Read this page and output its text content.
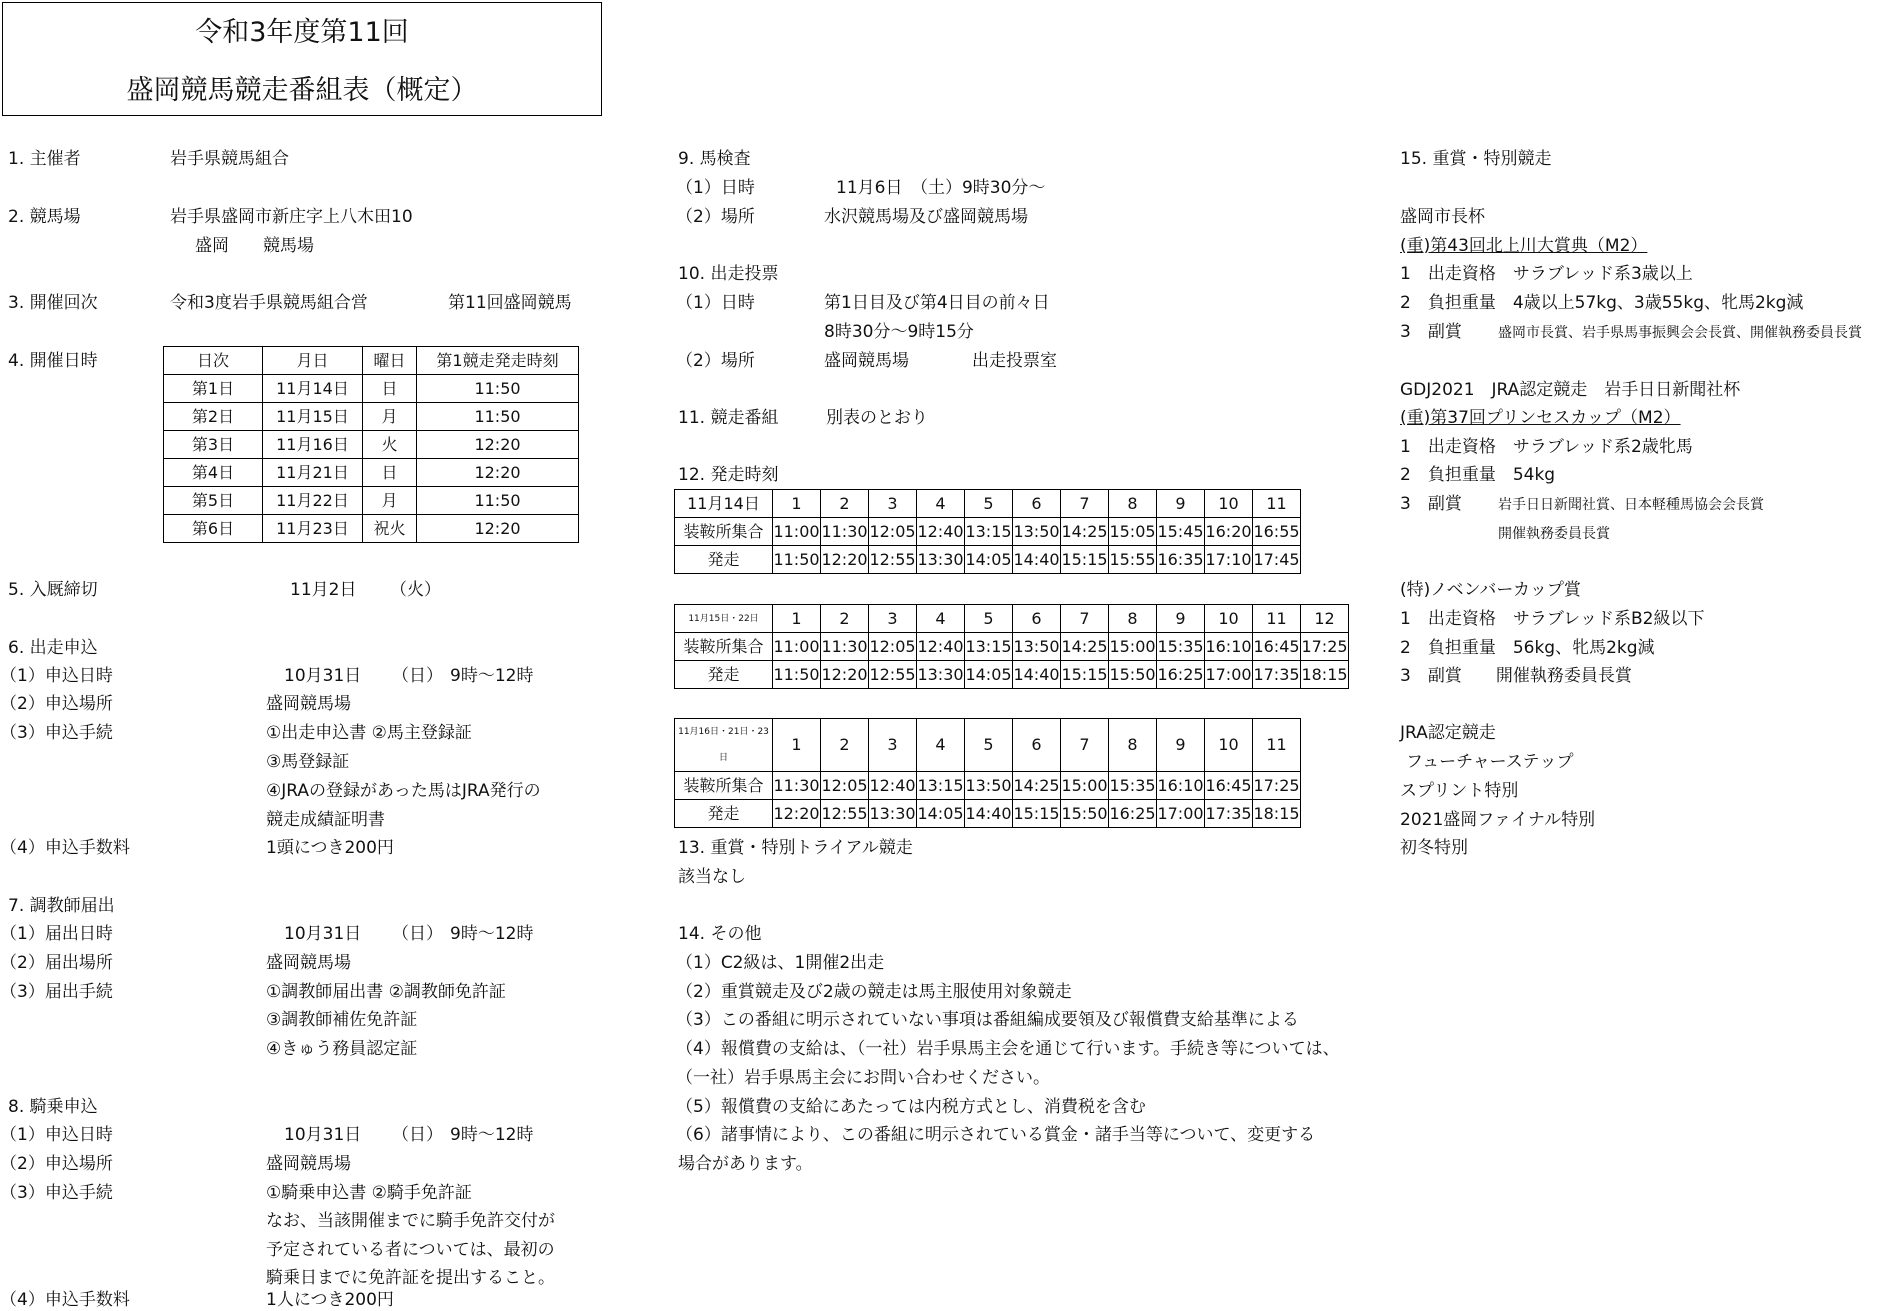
令和3年度第11回
盛岡競馬競走番組表（概定）
1. 主催者	岩手県競馬組合
2. 競馬場	岩手県盛岡市新庄字上八木田10
盛岡　　競馬場
3. 開催回次	令和3度岩手県競馬組合営	第11回盛岡競馬
4. 開催日時	日次	月日	曜日	第1競走発走時刻
第1日	11月14日	日	11:50
第2日	11月15日	月	11:50
第3日	11月16日	火	12:20
第4日	11月21日	日	12:20
第5日	11月22日	月	11:50
第6日	11月23日	祝火	12:20
5. 入厩締切	11月2日 （火）
6. 出走申込
（1）申込日時	10月31日 （日） 9時～12時
（2）申込場所	盛岡競馬場
（3）申込手続	①出走申込書 ②馬主登録証
③馬登録証
④JRAの登録があった馬はJRA発行の
競走成績証明書
（4）申込手数料	1頭につき200円
7. 調教師届出
（1）届出日時	10月31日 （日） 9時～12時
（2）届出場所	盛岡競馬場
（3）届出手続	①調教師届出書 ②調教師免許証
③調教師補佐免許証
④きゅう務員認定証
8. 騎乗申込
（1）申込日時	10月31日 （日） 9時～12時
（2）申込場所	盛岡競馬場
（3）申込手続	①騎乗申込書 ②騎手免許証
なお、当該開催までに騎手免許交付が
予定されている者については、最初の
騎乗日までに免許証を提出すること。
（4）申込手数料	1人につき200円
9. 馬検査
（1）日時	11月6日　（土）9時30分～
（2）場所	水沢競馬場及び盛岡競馬場
10. 出走投票
（1）日時	第1日目及び第4日目の前々日
8時30分～9時15分
（2）場所	盛岡競馬場	出走投票室
11. 競走番組	別表のとおり
12. 発走時刻
11月14日	1	2	3	4	5	6	7	8	9	10	11
装鞍所集合	11:00	11:30	12:05	12:40	13:15	13:50	14:25	15:05	15:45	16:20	16:55
発走	11:50	12:20	12:55	13:30	14:05	14:40	15:15	15:55	16:35	17:10	17:45
11月15日・22日	1	2	3	4	5	6	7	8	9	10	11	12
装鞍所集合	11:00	11:30	12:05	12:40	13:15	13:50	14:25	15:00	15:35	16:10	16:45	17:25
発走	11:50	12:20	12:55	13:30	14:05	14:40	15:15	15:50	16:25	17:00	17:35	18:15
11月16日・21日・23日	1	2	3	4	5	6	7	8	9	10	11
装鞍所集合	11:30	12:05	12:40	13:15	13:50	14:25	15:00	15:35	16:10	16:45	17:25
発走	12:20	12:55	13:30	14:05	14:40	15:15	15:50	16:25	17:00	17:35	18:15
13. 重賞・特別トライアル競走
該当なし
14. その他
（1）C2級は、1開催2出走
（2）重賞競走及び2歳の競走は馬主服使用対象競走
（3）この番組に明示されていない事項は番組編成要領及び報償費支給基準による
（4）報償費の支給は、（一社）岩手県馬主会を通じて行います。手続き等については、
（一社）岩手県馬主会にお問い合わせください。
（5）報償費の支給にあたっては内税方式とし、消費税を含む
（6）諸事情により、この番組に明示されている賞金・諸手当等について、変更する
場合があります。
15. 重賞・特別競走
盛岡市長杯
(重)第43回北上川大賞典（M2）
1　出走資格　サラブレッド系3歳以上
2　負担重量　4歳以上57kg、3歳55kg、牝馬2kg減
3　副賞	盛岡市長賞、岩手県馬事振興会会長賞、開催執務委員長賞
GDJ2021　JRA認定競走　岩手日日新聞社杯
(重)第37回プリンセスカップ（M2）
1　出走資格　サラブレッド系2歳牝馬
2　負担重量　54kg
3　副賞	岩手日日新聞社賞、日本軽種馬協会会長賞
開催執務委員長賞
(特)ノベンバーカップ賞
1　出走資格　サラブレッド系B2級以下
2　負担重量　56kg、牝馬2kg減
3　副賞　　開催執務委員長賞
JRA認定競走
フューチャーステップ
スプリント特別
2021盛岡ファイナル特別
初冬特別
